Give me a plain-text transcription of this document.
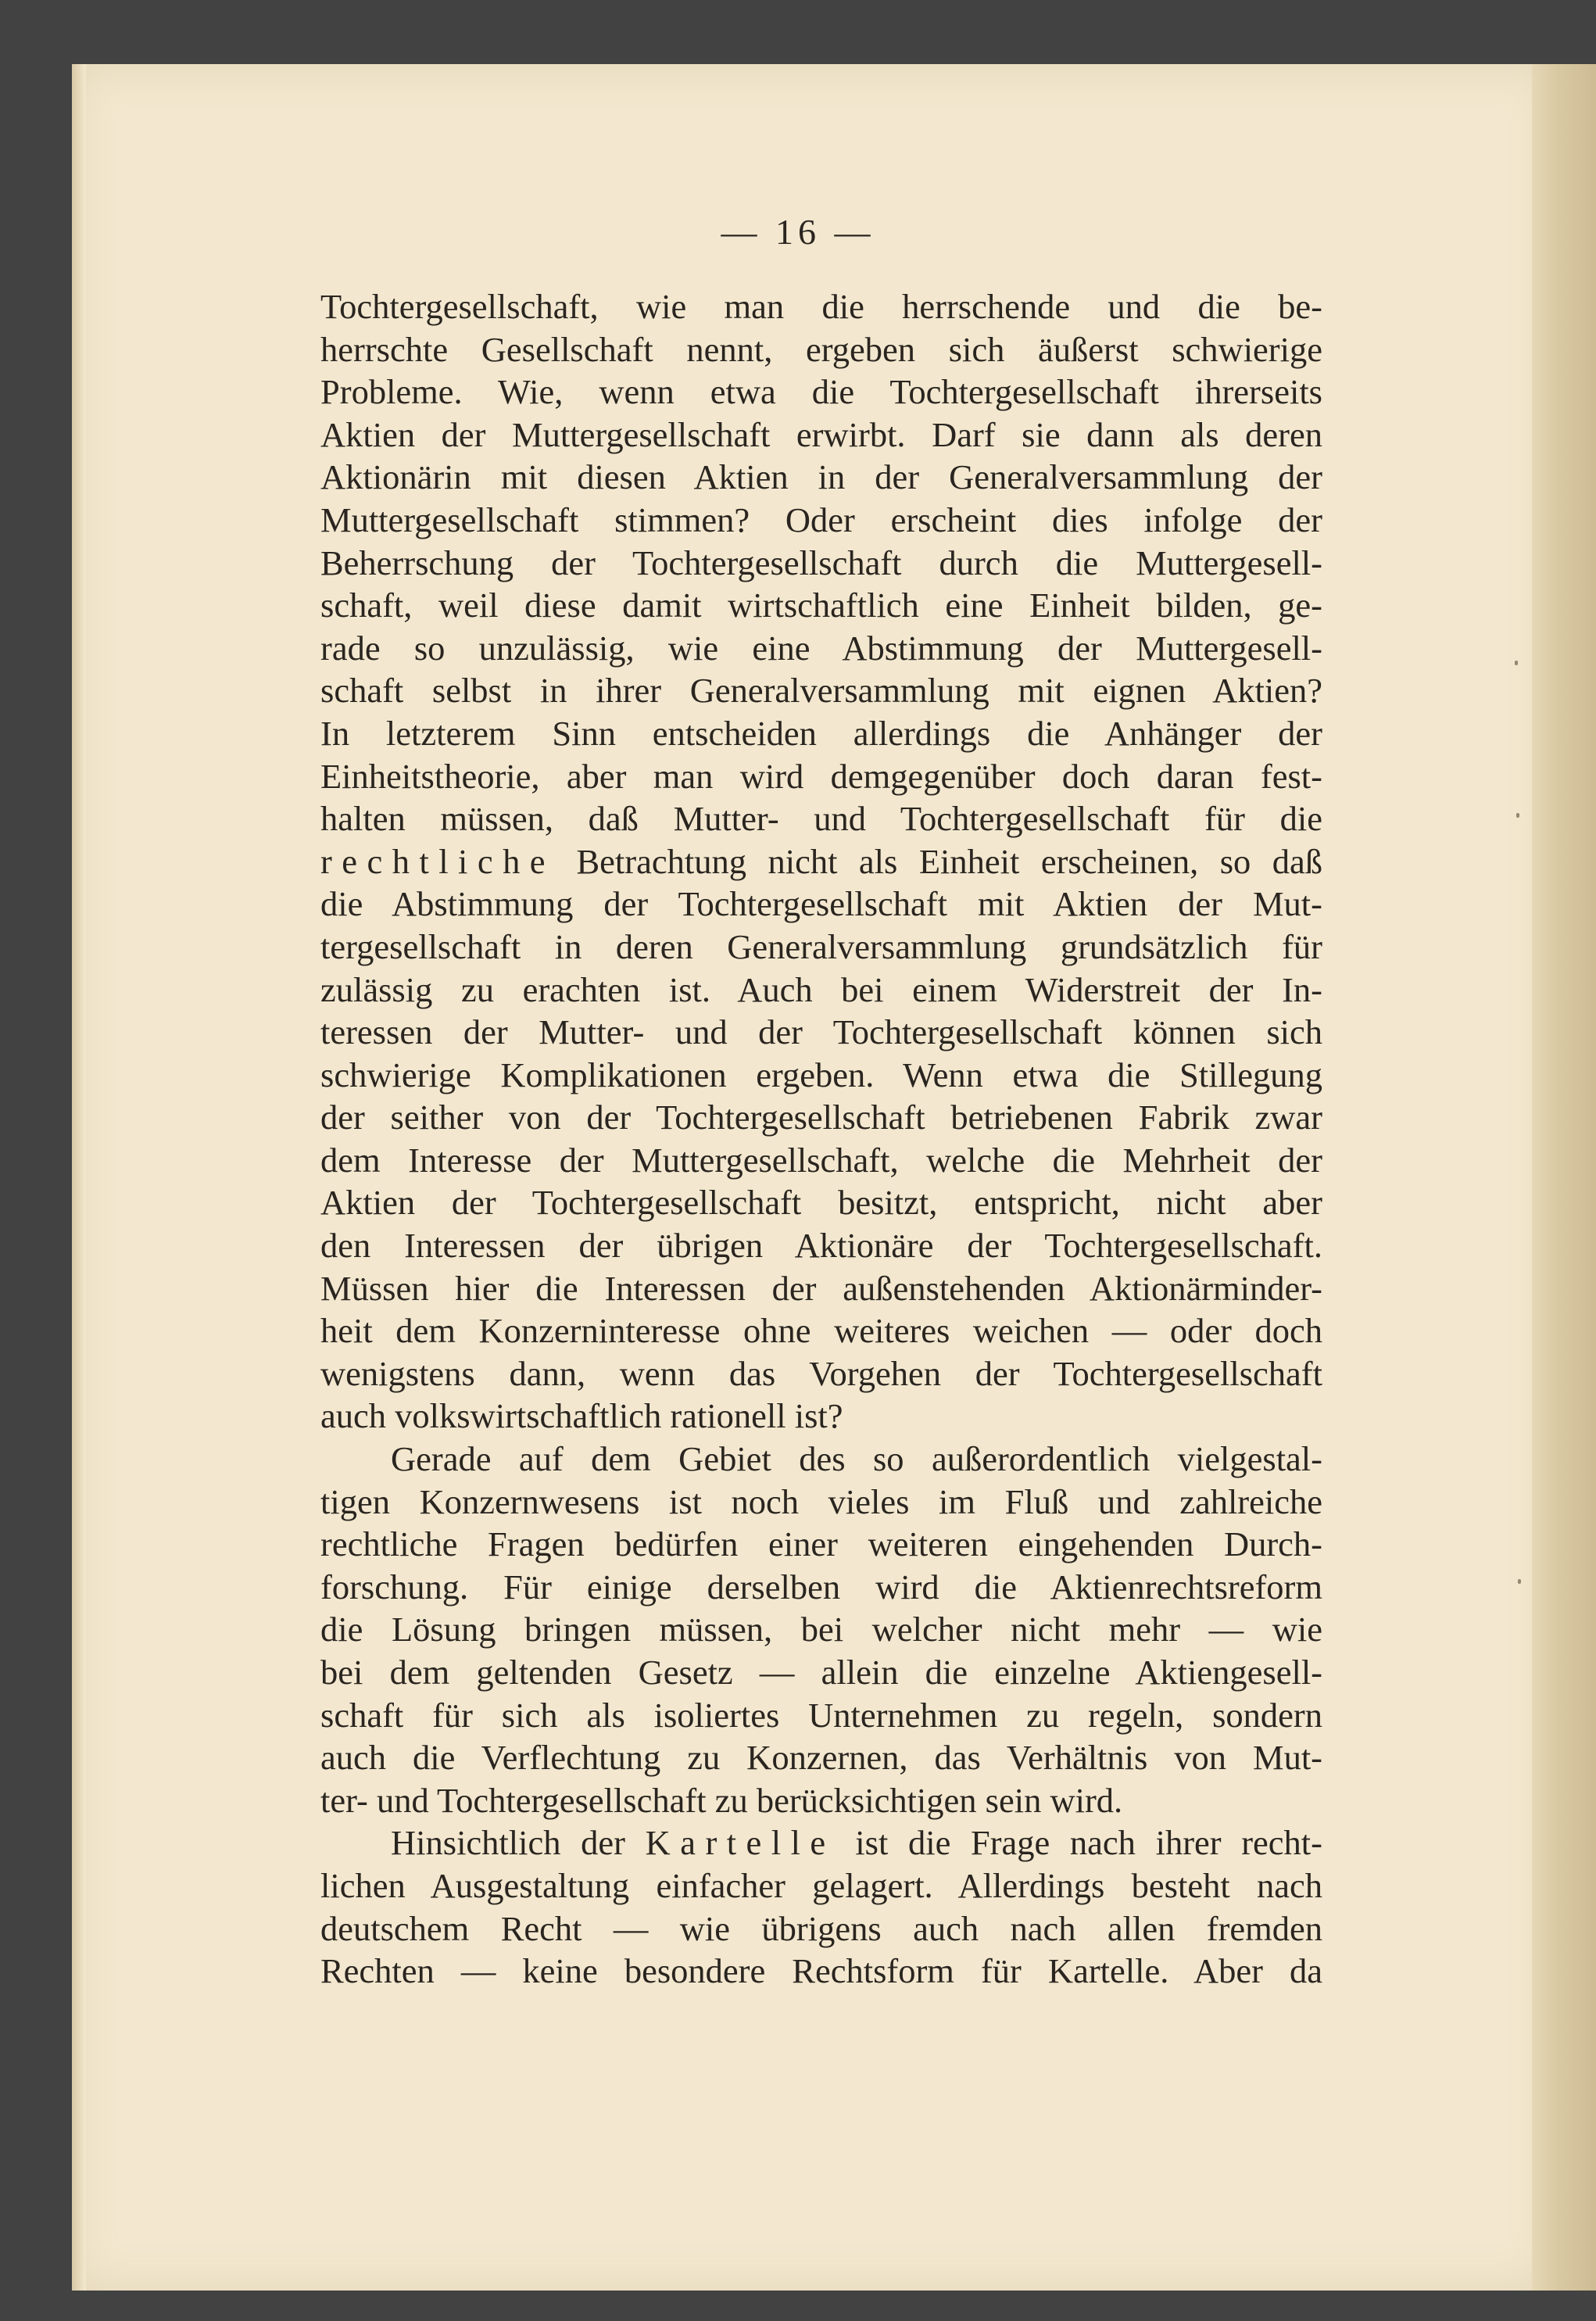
— 16 —
Tochtergesellschaft, wie man die herrschende und die be-
herrschte Gesellschaft nennt, ergeben sich äußerst schwierige
Probleme. Wie, wenn etwa die Tochtergesellschaft ihrerseits
Aktien der Muttergesellschaft erwirbt. Darf sie dann als deren
Aktionärin mit diesen Aktien in der Generalversammlung der
Muttergesellschaft stimmen? Oder erscheint dies infolge der
Beherrschung der Tochtergesellschaft durch die Muttergesell-
schaft, weil diese damit wirtschaftlich eine Einheit bilden, ge-
rade so unzulässig, wie eine Abstimmung der Muttergesell-
schaft selbst in ihrer Generalversammlung mit eignen Aktien?
In letzterem Sinn entscheiden allerdings die Anhänger der
Einheitstheorie, aber man wird demgegenüber doch daran fest-
halten müssen, daß Mutter- und Tochtergesellschaft für die
rechtliche Betrachtung nicht als Einheit erscheinen, so daß
die Abstimmung der Tochtergesellschaft mit Aktien der Mut-
tergesellschaft in deren Generalversammlung grundsätzlich für
zulässig zu erachten ist. Auch bei einem Widerstreit der In-
teressen der Mutter- und der Tochtergesellschaft können sich
schwierige Komplikationen ergeben. Wenn etwa die Stillegung
der seither von der Tochtergesellschaft betriebenen Fabrik zwar
dem Interesse der Muttergesellschaft, welche die Mehrheit der
Aktien der Tochtergesellschaft besitzt, entspricht, nicht aber
den Interessen der übrigen Aktionäre der Tochtergesellschaft.
Müssen hier die Interessen der außenstehenden Aktionärminder-
heit dem Konzerninteresse ohne weiteres weichen — oder doch
wenigstens dann, wenn das Vorgehen der Tochtergesellschaft
auch volkswirtschaftlich rationell ist?
Gerade auf dem Gebiet des so außerordentlich vielgestal-
tigen Konzernwesens ist noch vieles im Fluß und zahlreiche
rechtliche Fragen bedürfen einer weiteren eingehenden Durch-
forschung. Für einige derselben wird die Aktienrechtsreform
die Lösung bringen müssen, bei welcher nicht mehr — wie
bei dem geltenden Gesetz — allein die einzelne Aktiengesell-
schaft für sich als isoliertes Unternehmen zu regeln, sondern
auch die Verflechtung zu Konzernen, das Verhältnis von Mut-
ter- und Tochtergesellschaft zu berücksichtigen sein wird.
Hinsichtlich der Kartelle ist die Frage nach ihrer recht-
lichen Ausgestaltung einfacher gelagert. Allerdings besteht nach
deutschem Recht — wie übrigens auch nach allen fremden
Rechten — keine besondere Rechtsform für Kartelle. Aber da
